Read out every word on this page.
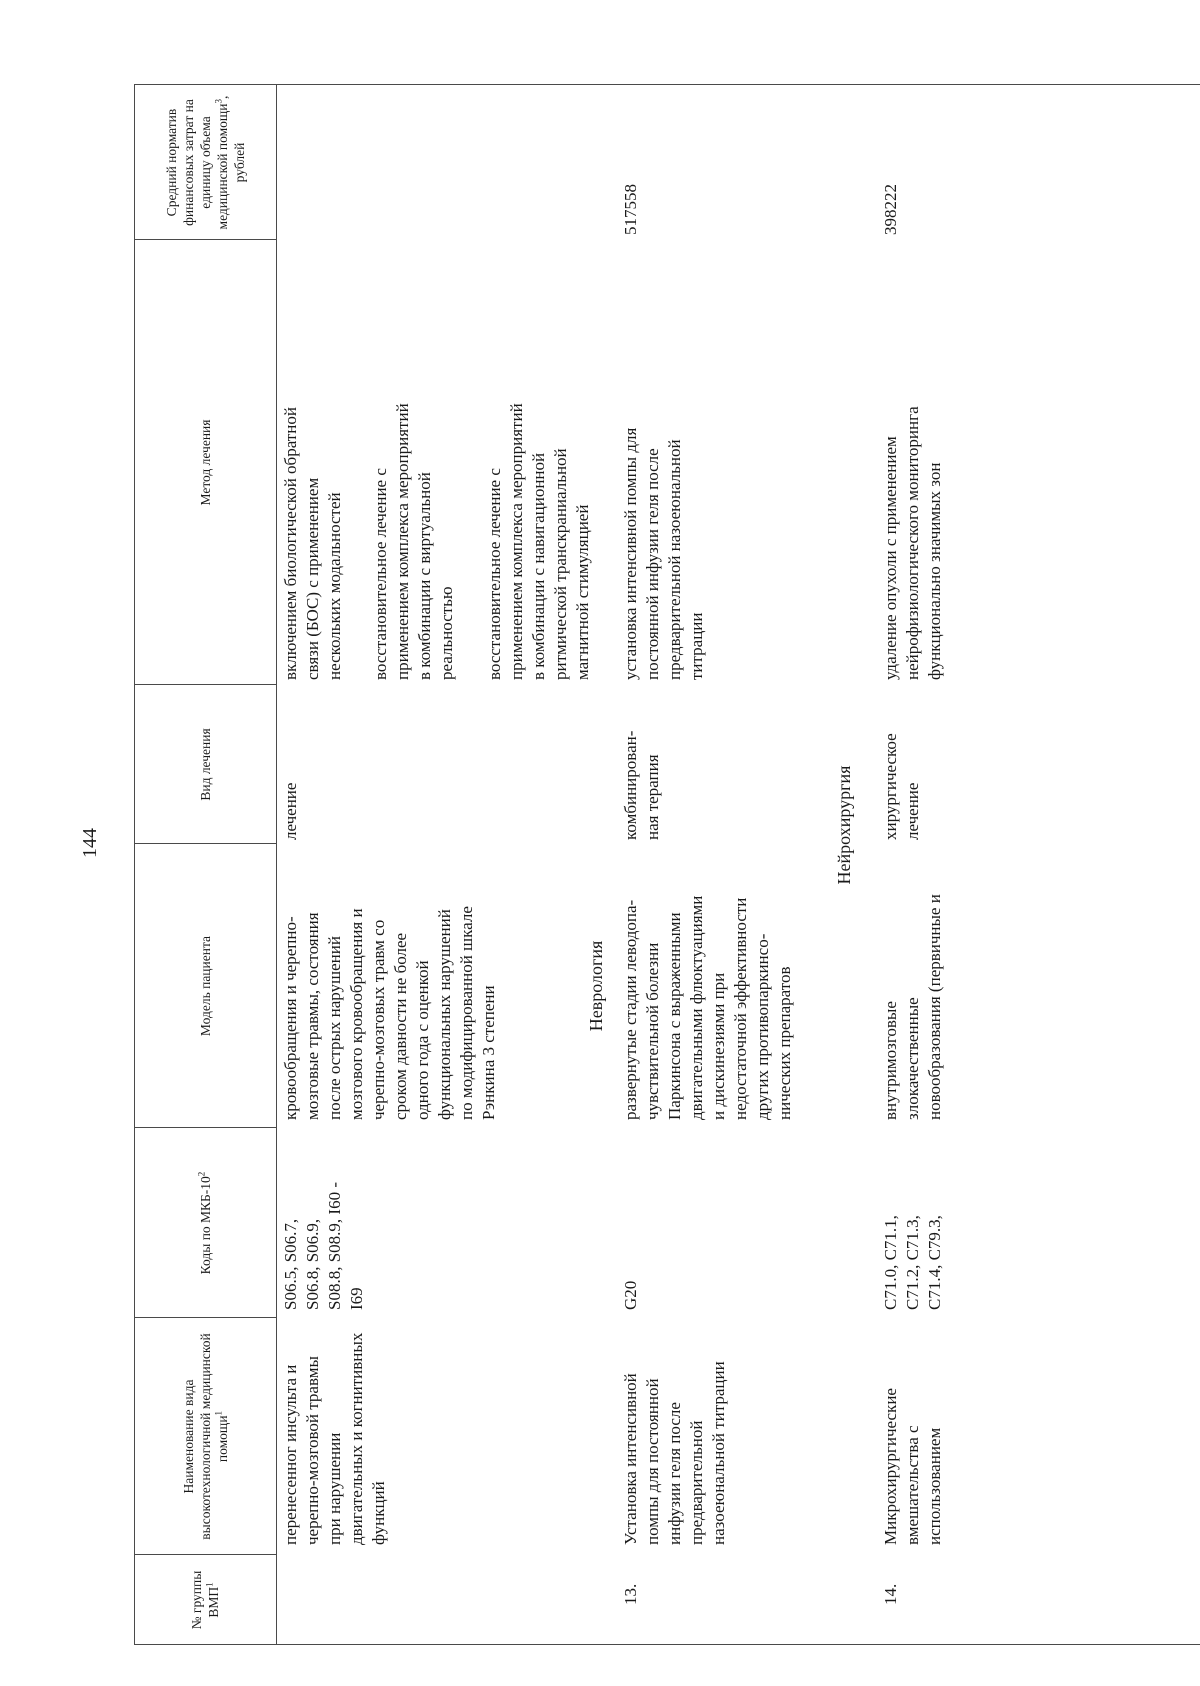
144
№ группы ВМП$^1$
Наименование вида высокотехнологичной медицинской помощи$^1$
Коды по МКБ-$10^2$
Модель пациента
Вид лечения
Метод лечения
Средний норматив финансовых затрат на единицу объема медицинской помощи$^3$, рублей
перенесенног инсульта и
черепно-мозговой травмы
при нарушении
двигательных и когнитивных
функций
S06.5, S06.7,
S06.8, S06.9,
S08.8, S08.9, I60 -
I69
кровообращения и черепно-
мозговые травмы, состояния
после острых нарушений
мозгового кровообращения и
черепно-мозговых травм со
сроком давности не более
одного года с оценкой
функциональных нарушений
по модифицированной шкале
Рэнкина 3 степени
лечение
включением биологической обратной
связи (БОС) с применением
нескольких модальностей восстановительное лечение с
применением комплекса мероприятий
в комбинации с виртуальной
реальностью восстановительное лечение с
применением комплекса мероприятий
в комбинации с навигационной
ритмической транскраниальной
магнитной стимуляцией
Неврология
13.
Установка интенсивной
помпы для постоянной
инфузии геля после
предварительной
назоеюнальной титрации
G20
развернутые стадии леводопа-
чувствительной болезни
Паркинсона с выраженными
двигательными флюктуациями
и дискинезиями при
недостаточной эффективности
других противопаркинсо-
нических препаратов
комбинирован-
ная терапия
установка интенсивной помпы для
постоянной инфузии геля после
предварительной назоеюнальной
титрации
517558
Нейрохирургия
14.
Микрохирургические
вмешательства с
использованием
C71.0, C71.1,
C71.2, C71.3,
C71.4, C79.3,
внутримозговые
злокачественные
новообразования (первичные и
хирургическое
лечение
удаление опухоли с применением
нейрофизиологического мониторинга
функционально значимых зон
398222
